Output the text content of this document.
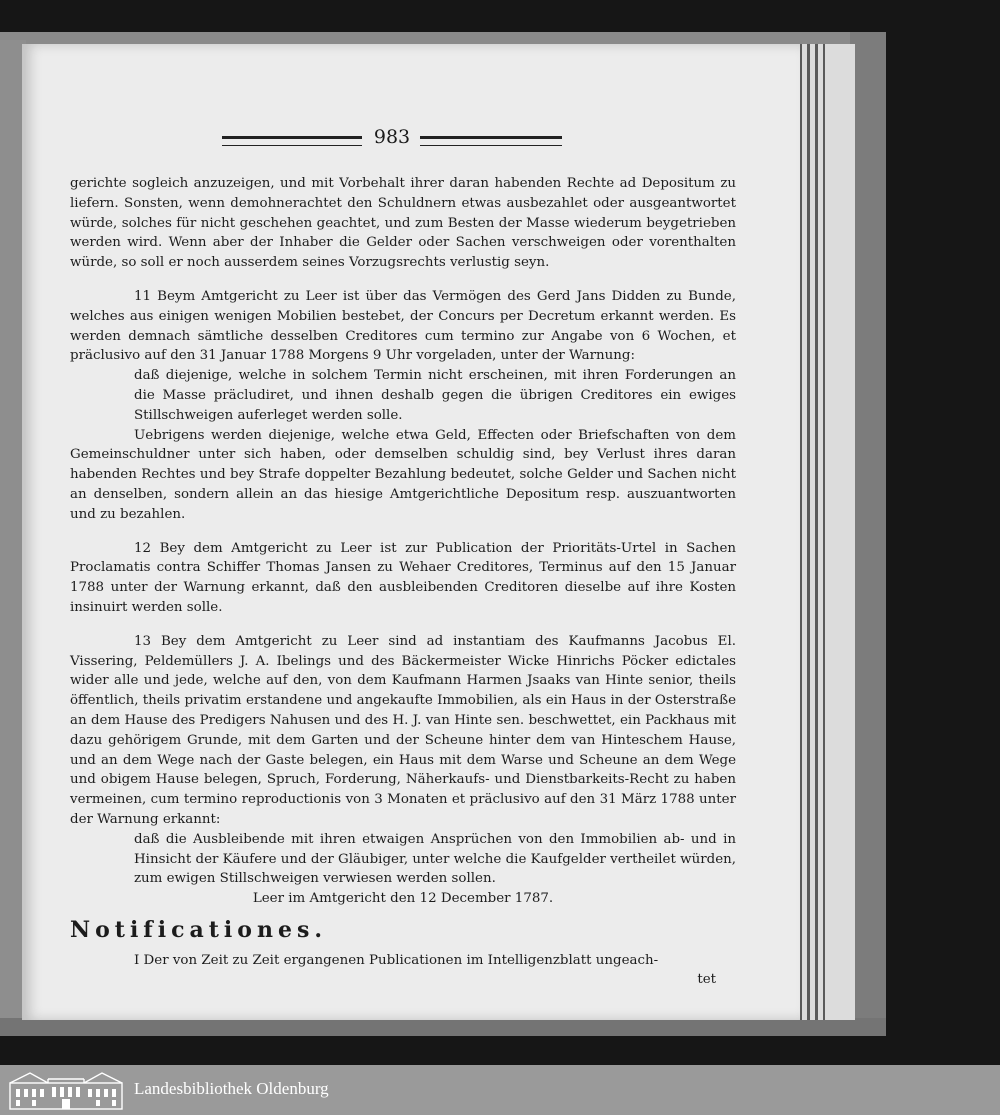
983

gerichte sogleich anzuzeigen, und mit Vorbehalt ihrer daran habenden Rechte ad Depositum zu liefern. Sonsten, wenn demohnerachtet den Schuldnern etwas ausbezahlet oder ausgeantwortet würde, solches für nicht geschehen geachtet, und zum Besten der Masse wiederum beygetrieben werden wird. Wenn aber der Inhaber die Gelder oder Sachen verschweigen oder vorenthalten würde, so soll er noch ausserdem seines Vorzugsrechts verlustig seyn.

11 Beym Amtgericht zu Leer ist über das Vermögen des Gerd Jans Didden zu Bunde, welches aus einigen wenigen Mobilien bestebet, der Concurs per Decretum erkannt werden. Es werden demnach sämtliche desselben Creditores cum termino zur Angabe von 6 Wochen, et präclusivo auf den 31 Januar 1788 Morgens 9 Uhr vorgeladen, unter der Warnung:

daß diejenige, welche in solchem Termin nicht erscheinen, mit ihren Forderungen an die Masse präcludiret, und ihnen deshalb gegen die übrigen Creditores ein ewiges Stillschweigen auferleget werden solle.

Uebrigens werden diejenige, welche etwa Geld, Effecten oder Briefschaften von dem Gemeinschuldner unter sich haben, oder demselben schuldig sind, bey Verlust ihres daran habenden Rechtes und bey Strafe doppelter Bezahlung bedeutet, solche Gelder und Sachen nicht an denselben, sondern allein an das hiesige Amtgerichtliche Depositum resp. auszuantworten und zu bezahlen.

12 Bey dem Amtgericht zu Leer ist zur Publication der Prioritäts-Urtel in Sachen Proclamatis contra Schiffer Thomas Jansen zu Wehaer Creditores, Terminus auf den 15 Januar 1788 unter der Warnung erkannt, daß den ausbleibenden Creditoren dieselbe auf ihre Kosten insinuirt werden solle.

13 Bey dem Amtgericht zu Leer sind ad instantiam des Kaufmanns Jacobus El. Vissering, Peldemüllers J. A. Ibelings und des Bäckermeister Wicke Hinrichs Pöcker edictales wider alle und jede, welche auf den, von dem Kaufmann Harmen Jsaaks van Hinte senior, theils öffentlich, theils privatim erstandene und angekaufte Immobilien, als ein Haus in der Osterstraße an dem Hause des Predigers Nahusen und des H. J. van Hinte sen. beschwettet, ein Packhaus mit dazu gehörigem Grunde, mit dem Garten und der Scheune hinter dem van Hinteschem Hause, und an dem Wege nach der Gaste belegen, ein Haus mit dem Warse und Scheune an dem Wege und obigem Hause belegen, Spruch, Forderung, Näherkaufs- und Dienstbarkeits-Recht zu haben vermeinen, cum termino reproductionis von 3 Monaten et präclusivo auf den 31 März 1788 unter der Warnung erkannt:

daß die Ausbleibende mit ihren etwaigen Ansprüchen von den Immobilien ab- und in Hinsicht der Käufere und der Gläubiger, unter welche die Kaufgelder vertheilet würden, zum ewigen Stillschweigen verwiesen werden sollen.

Leer im Amtgericht den 12 December 1787.

Notificationes.

I Der von Zeit zu Zeit ergangenen Publicationen im Intelligenzblatt ungeach-

tet

Landesbibliothek Oldenburg
